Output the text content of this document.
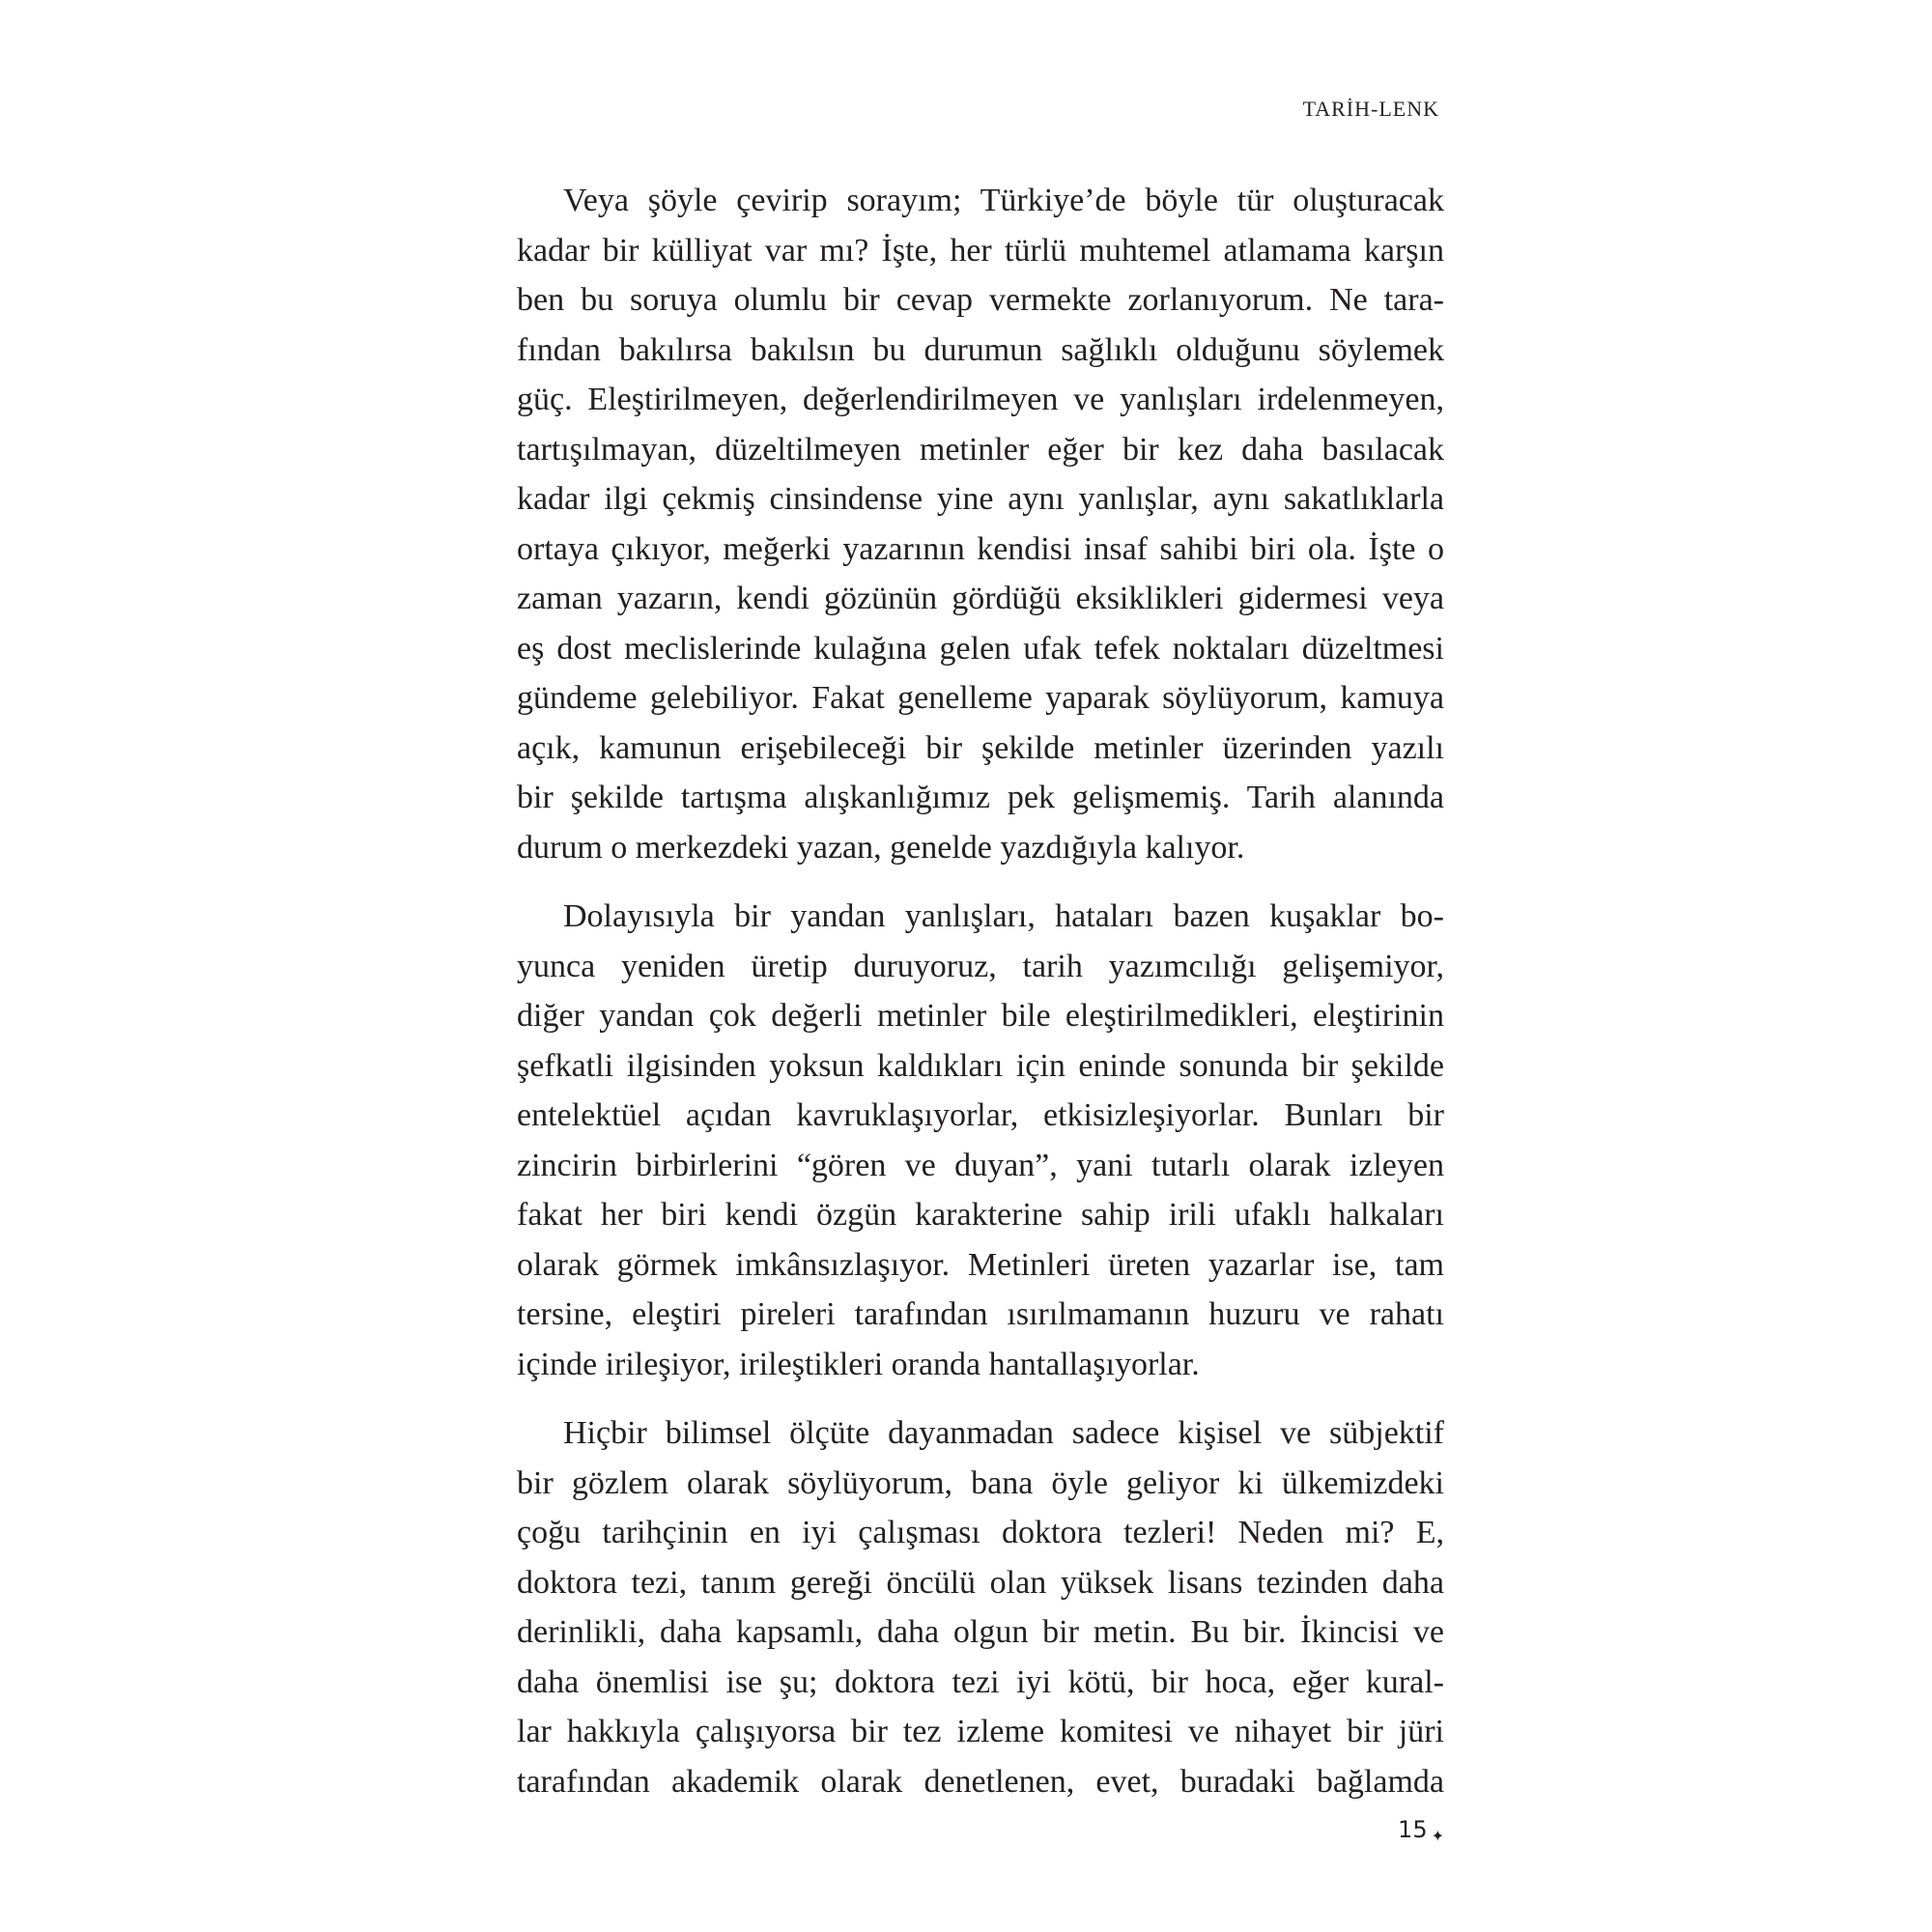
TARİH-LENK
Veya şöyle çevirip sorayım; Türkiye’de böyle tür oluşturacak
kadar bir külliyat var mı? İşte, her türlü muhtemel atlamama karşın
ben bu soruya olumlu bir cevap vermekte zorlanıyorum. Ne tara-
fından bakılırsa bakılsın bu durumun sağlıklı olduğunu söylemek
güç. Eleştirilmeyen, değerlendirilmeyen ve yanlışları irdelenmeyen,
tartışılmayan, düzeltilmeyen metinler eğer bir kez daha basılacak
kadar ilgi çekmiş cinsindense yine aynı yanlışlar, aynı sakatlıklarla
ortaya çıkıyor, meğerki yazarının kendisi insaf sahibi biri ola. İşte o
zaman yazarın, kendi gözünün gördüğü eksiklikleri gidermesi veya
eş dost meclislerinde kulağına gelen ufak tefek noktaları düzeltmesi
gündeme gelebiliyor. Fakat genelleme yaparak söylüyorum, kamuya
açık, kamunun erişebileceği bir şekilde metinler üzerinden yazılı
bir şekilde tartışma alışkanlığımız pek gelişmemiş. Tarih alanında
durum o merkezdeki yazan, genelde yazdığıyla kalıyor.
Dolayısıyla bir yandan yanlışları, hataları bazen kuşaklar bo-
yunca yeniden üretip duruyoruz, tarih yazımcılığı gelişemiyor,
diğer yandan çok değerli metinler bile eleştirilmedikleri, eleştirinin
şefkatli ilgisinden yoksun kaldıkları için eninde sonunda bir şekilde
entelektüel açıdan kavruklaşıyorlar, etkisizleşiyorlar. Bunları bir
zincirin birbirlerini “gören ve duyan”, yani tutarlı olarak izleyen
fakat her biri kendi özgün karakterine sahip irili ufaklı halkaları
olarak görmek imkânsızlaşıyor. Metinleri üreten yazarlar ise, tam
tersine, eleştiri pireleri tarafından ısırılmamanın huzuru ve rahatı
içinde irileşiyor, irileştikleri oranda hantallaşıyorlar.
Hiçbir bilimsel ölçüte dayanmadan sadece kişisel ve sübjektif
bir gözlem olarak söylüyorum, bana öyle geliyor ki ülkemizdeki
çoğu tarihçinin en iyi çalışması doktora tezleri! Neden mi? E,
doktora tezi, tanım gereği öncülü olan yüksek lisans tezinden daha
derinlikli, daha kapsamlı, daha olgun bir metin. Bu bir. İkincisi ve
daha önemlisi ise şu; doktora tezi iyi kötü, bir hoca, eğer kural-
lar hakkıyla çalışıyorsa bir tez izleme komitesi ve nihayet bir jüri
tarafından akademik olarak denetlenen, evet, buradaki bağlamda
15 ✦
